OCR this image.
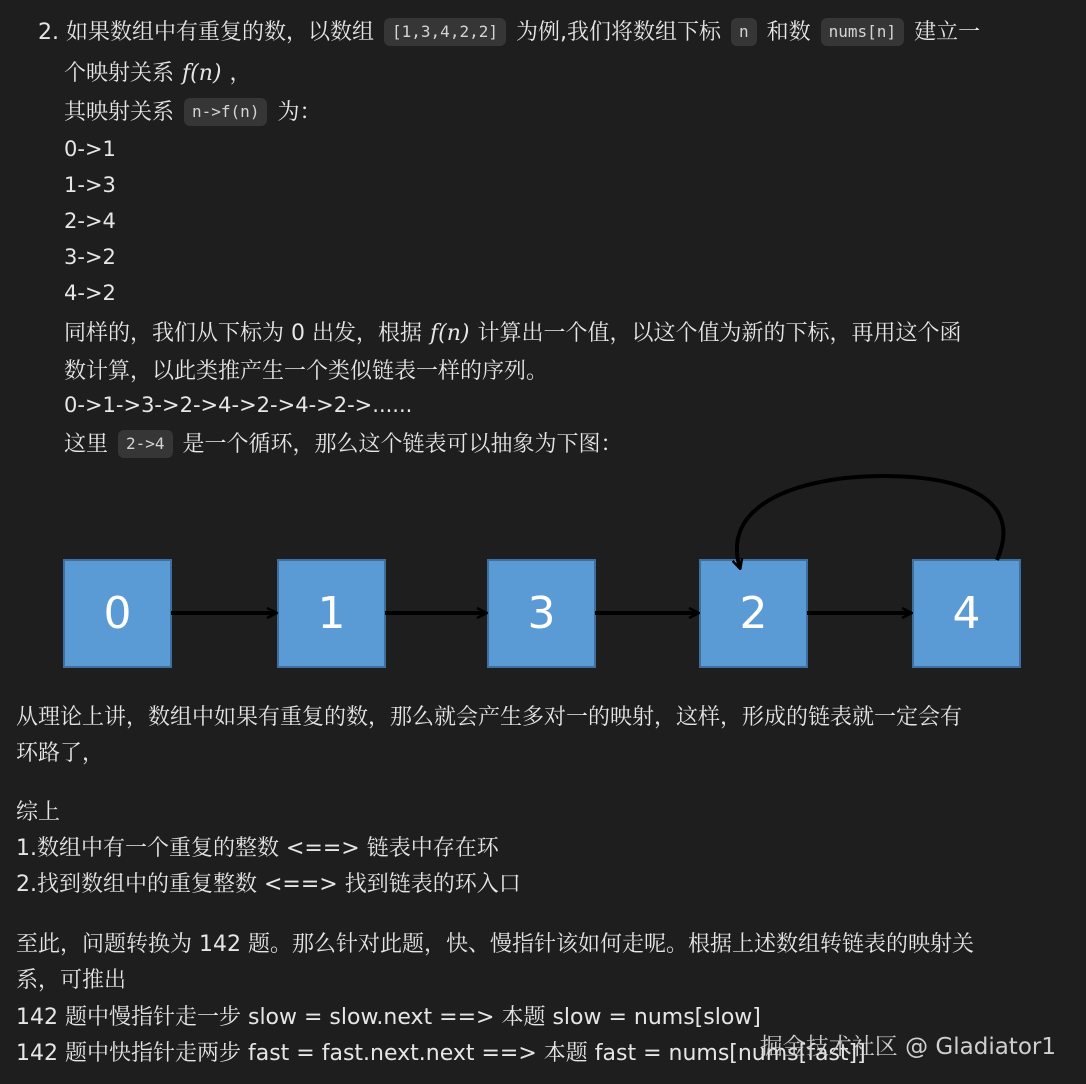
2. 如果数组中有重复的数，以数组 [1,3,4,2,2] 为例,我们将数组下标 n 和数 nums[n] 建立一
个映射关系 f(n) ，
其映射关系 n->f(n) 为：
0->1
1->3
2->4
3->2
4->2
同样的，我们从下标为 0 出发，根据 f(n) 计算出一个值，以这个值为新的下标，再用这个函
数计算，以此类推产生一个类似链表一样的序列。
0->1->3->2->4->2->4->2->......
这里 2->4 是一个循环，那么这个链表可以抽象为下图：
0	1	3	2	4
从理论上讲，数组中如果有重复的数，那么就会产生多对一的映射，这样，形成的链表就一定会有
环路了，
综上
1.数组中有一个重复的整数 <==> 链表中存在环
2.找到数组中的重复整数 <==> 找到链表的环入口
至此，问题转换为 142 题。那么针对此题，快、慢指针该如何走呢。根据上述数组转链表的映射关
系，可推出
142 题中慢指针走一步 slow = slow.next ==> 本题 slow = nums[slow]
142 题中快指针走两步 fast = fast.next.next ==> 本题 fast = nums[nums[fast]]
掘金技术社区 @ Gladiator1
